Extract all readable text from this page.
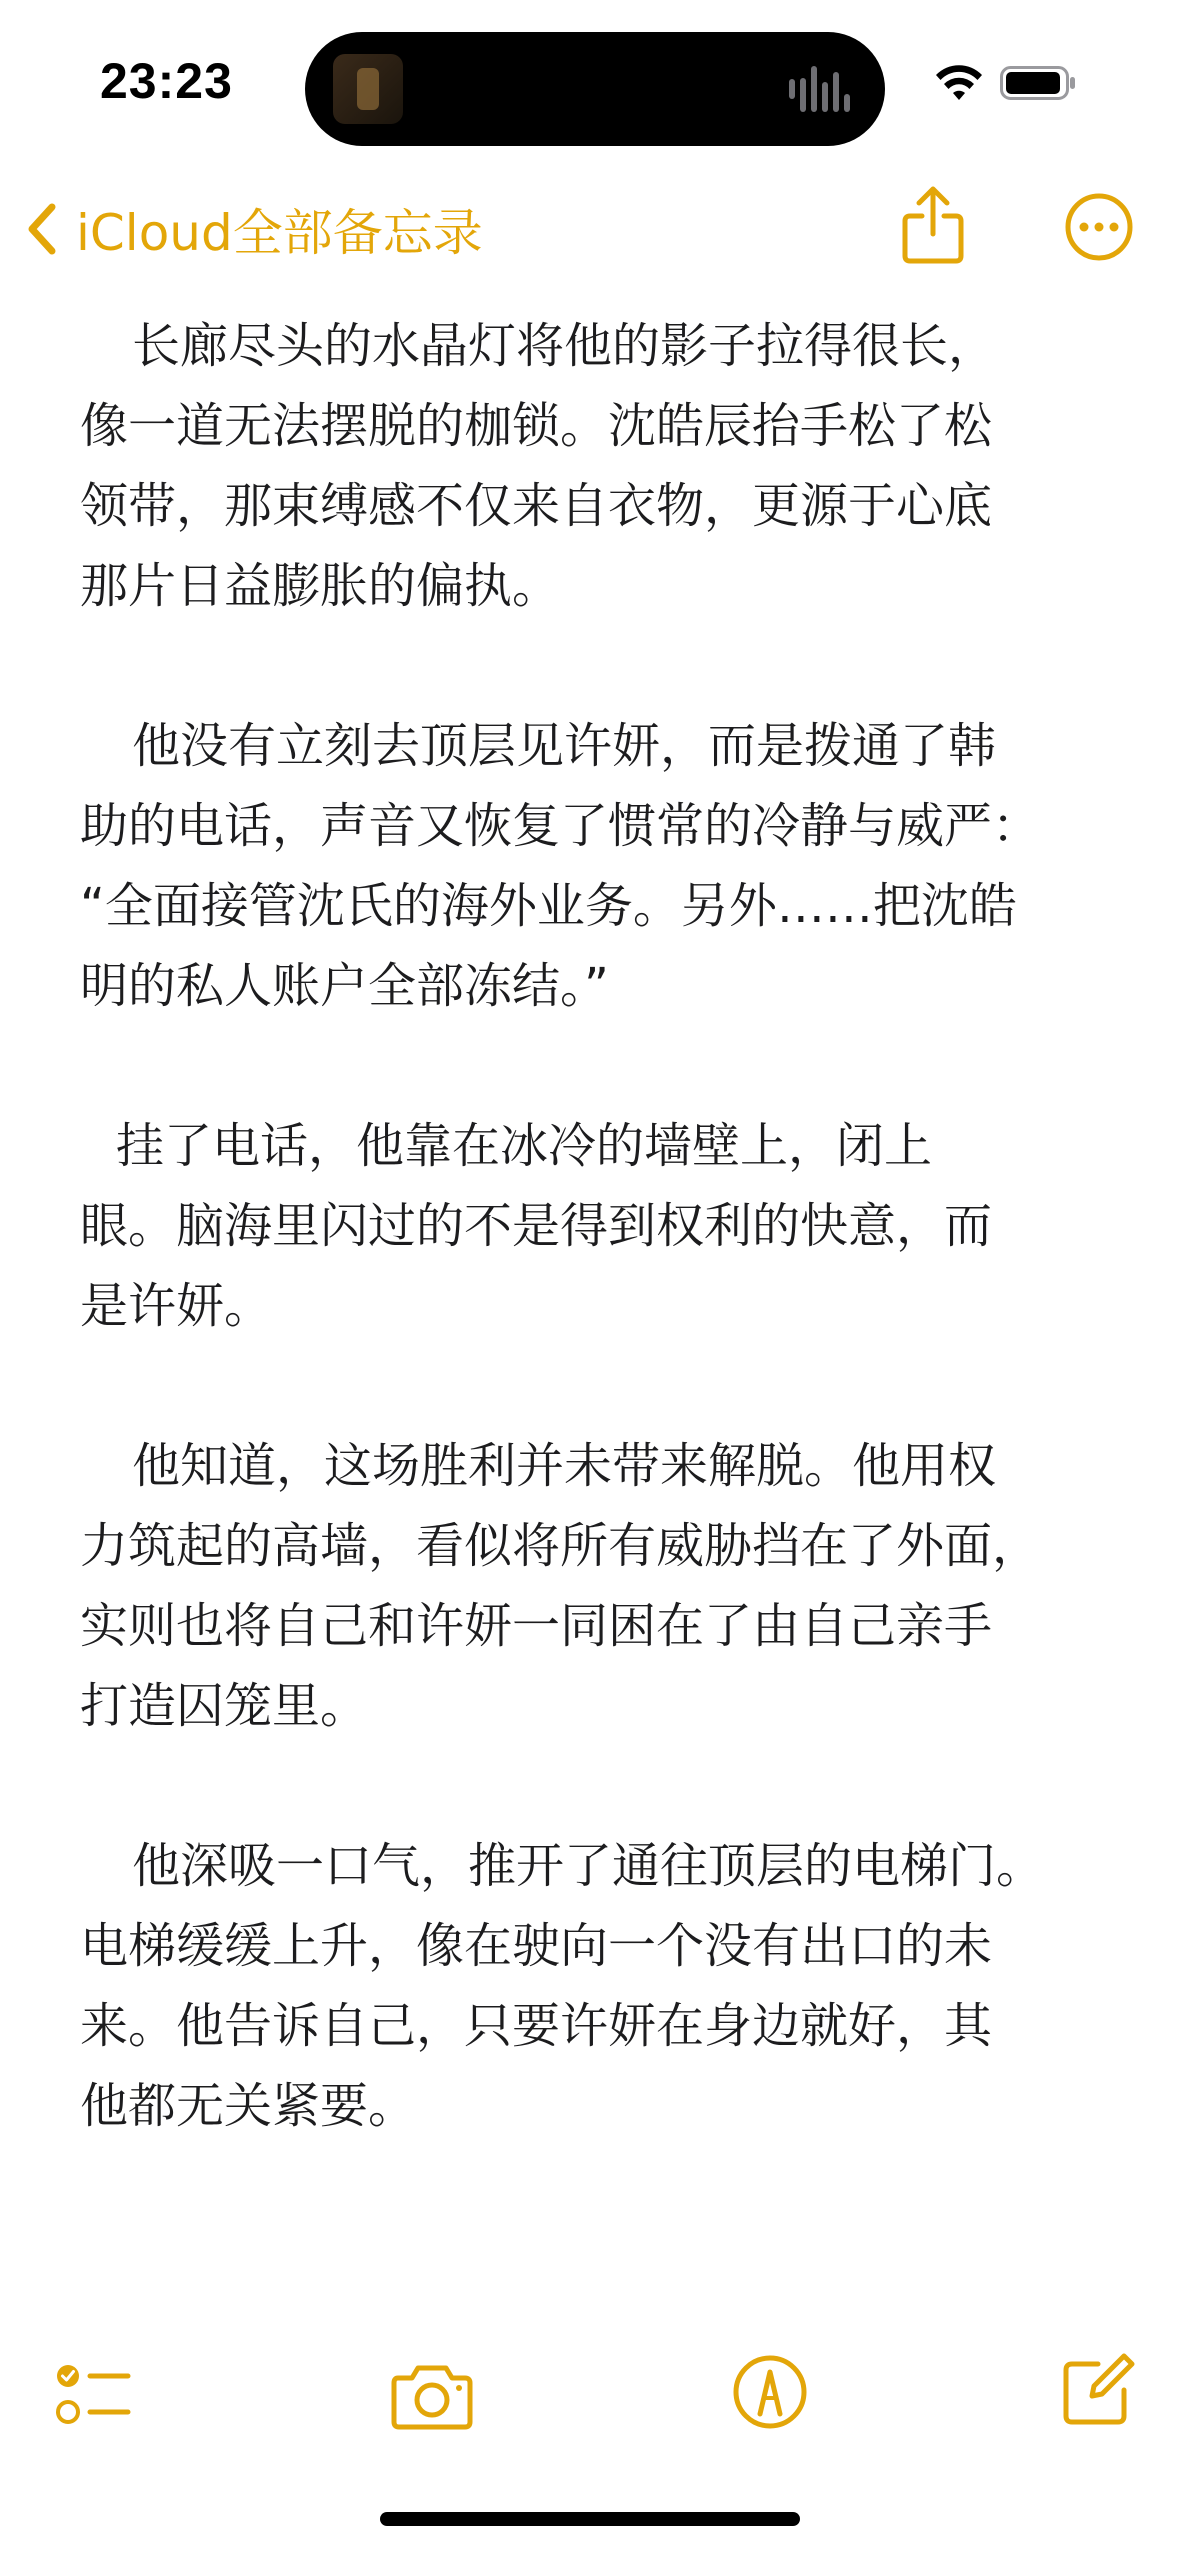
23:23
iCloud全部备忘录
长廊尽头的水晶灯将他的影子拉得很长，
像一道无法摆脱的枷锁。沈皓辰抬手松了松
领带，那束缚感不仅来自衣物，更源于心底
那片日益膨胀的偏执。
他没有立刻去顶层见许妍，而是拨通了韩
助的电话，声音又恢复了惯常的冷静与威严：
“全面接管沈氏的海外业务。另外……把沈皓
明的私人账户全部冻结。”
挂了电话，他靠在冰冷的墙壁上，闭上
眼。脑海里闪过的不是得到权利的快意，而
是许妍。
他知道，这场胜利并未带来解脱。他用权
力筑起的高墙，看似将所有威胁挡在了外面，
实则也将自己和许妍一同困在了由自己亲手
打造囚笼里。
他深吸一口气，推开了通往顶层的电梯门。
电梯缓缓上升，像在驶向一个没有出口的未
来。他告诉自己，只要许妍在身边就好，其
他都无关紧要。
